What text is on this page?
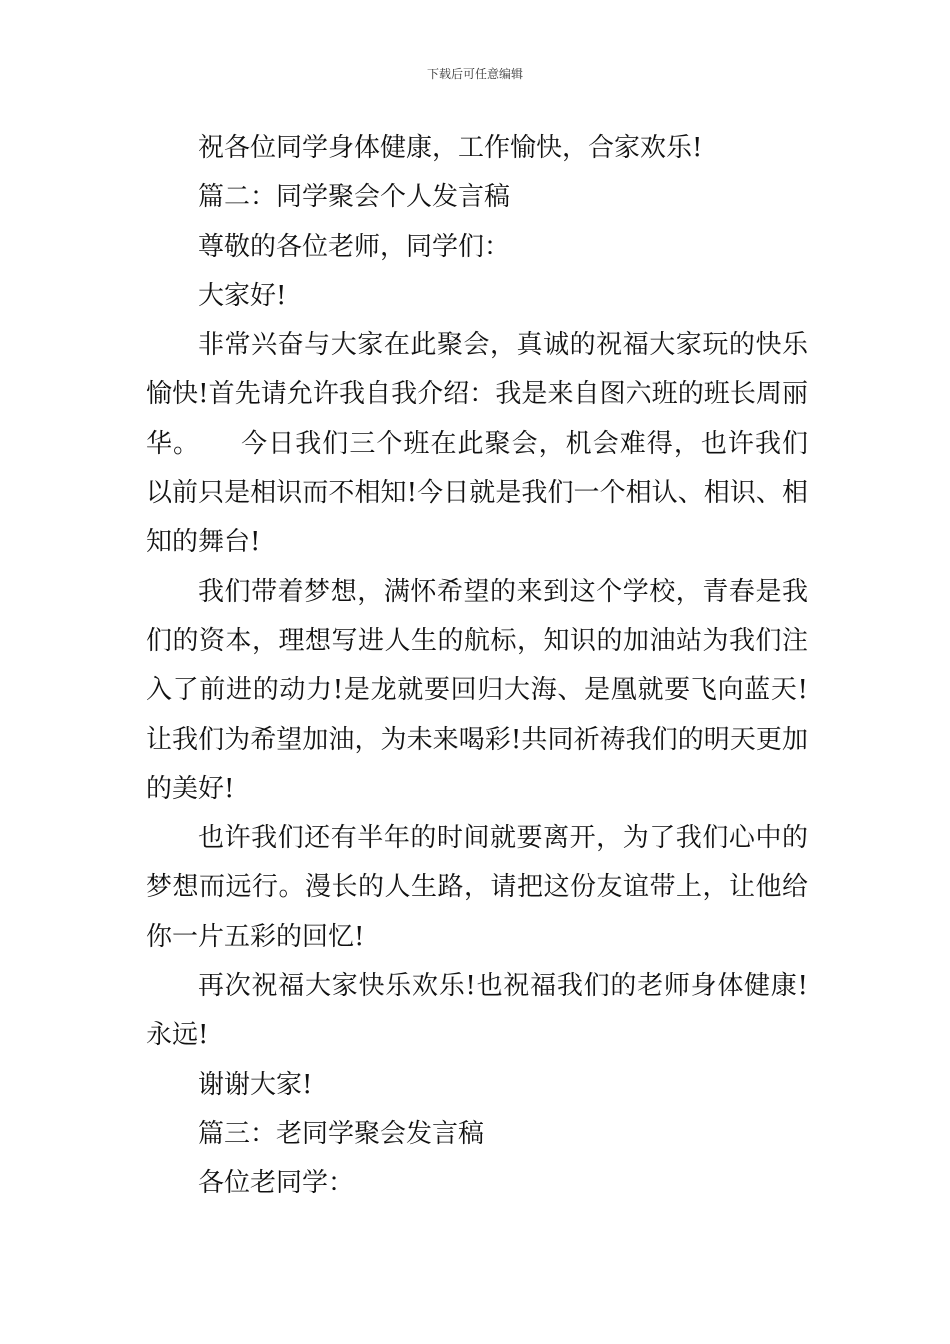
下载后可任意编辑

祝各位同学身体健康，工作愉快，合家欢乐!

篇二：同学聚会个人发言稿

尊敬的各位老师，同学们：

大家好!

非常兴奋与大家在此聚会，真诚的祝福大家玩的快乐愉快!首先请允许我自我介绍：我是来自图六班的班长周丽华。　　今日我们三个班在此聚会，机会难得，也许我们以前只是相识而不相知!今日就是我们一个相认、相识、相知的舞台!

我们带着梦想，满怀希望的来到这个学校，青春是我们的资本，理想写进人生的航标，知识的加油站为我们注入了前进的动力!是龙就要回归大海、是凰就要飞向蓝天!让我们为希望加油，为未来喝彩!共同祈祷我们的明天更加的美好!

也许我们还有半年的时间就要离开，为了我们心中的梦想而远行。漫长的人生路，请把这份友谊带上，让他给你一片五彩的回忆!

再次祝福大家快乐欢乐!也祝福我们的老师身体健康!永远!

谢谢大家!

篇三：老同学聚会发言稿

各位老同学：
